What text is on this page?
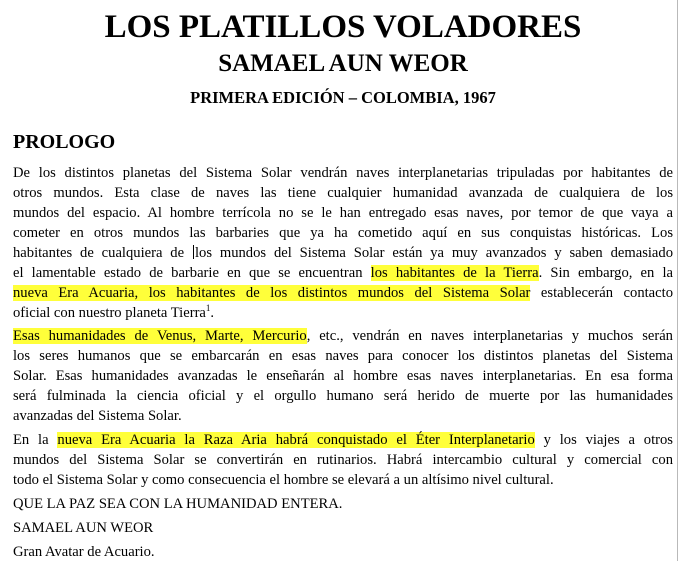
LOS PLATILLOS VOLADORES
SAMAEL AUN WEOR
PRIMERA EDICIÓN – COLOMBIA, 1967
PROLOGO
De los distintos planetas del Sistema Solar vendrán naves interplanetarias tripuladas por habitantes de
otros mundos. Esta clase de naves las tiene cualquier humanidad avanzada de cualquiera de los
mundos del espacio. Al hombre terrícola no se le han entregado esas naves, por temor de que vaya a
cometer en otros mundos las barbaries que ya ha cometido aquí en sus conquistas históricas. Los
habitantes de cualquiera de los mundos del Sistema Solar están ya muy avanzados y saben demasiado
el lamentable estado de barbarie en que se encuentran los habitantes de la Tierra. Sin embargo, en la
nueva Era Acuaria, los habitantes de los distintos mundos del Sistema Solar establecerán contacto
oficial con nuestro planeta Tierra$^1$.
Esas humanidades de Venus, Marte, Mercurio, etc., vendrán en naves interplanetarias y muchos serán
los seres humanos que se embarcarán en esas naves para conocer los distintos planetas del Sistema
Solar. Esas humanidades avanzadas le enseñarán al hombre esas naves interplanetarias. En esa forma
será fulminada la ciencia oficial y el orgullo humano será herido de muerte por las humanidades
avanzadas del Sistema Solar.
En la nueva Era Acuaria la Raza Aria habrá conquistado el Éter Interplanetario y los viajes a otros
mundos del Sistema Solar se convertirán en rutinarios. Habrá intercambio cultural y comercial con
todo el Sistema Solar y como consecuencia el hombre se elevará a un altísimo nivel cultural.
QUE LA PAZ SEA CON LA HUMANIDAD ENTERA.
SAMAEL AUN WEOR
Gran Avatar de Acuario.
